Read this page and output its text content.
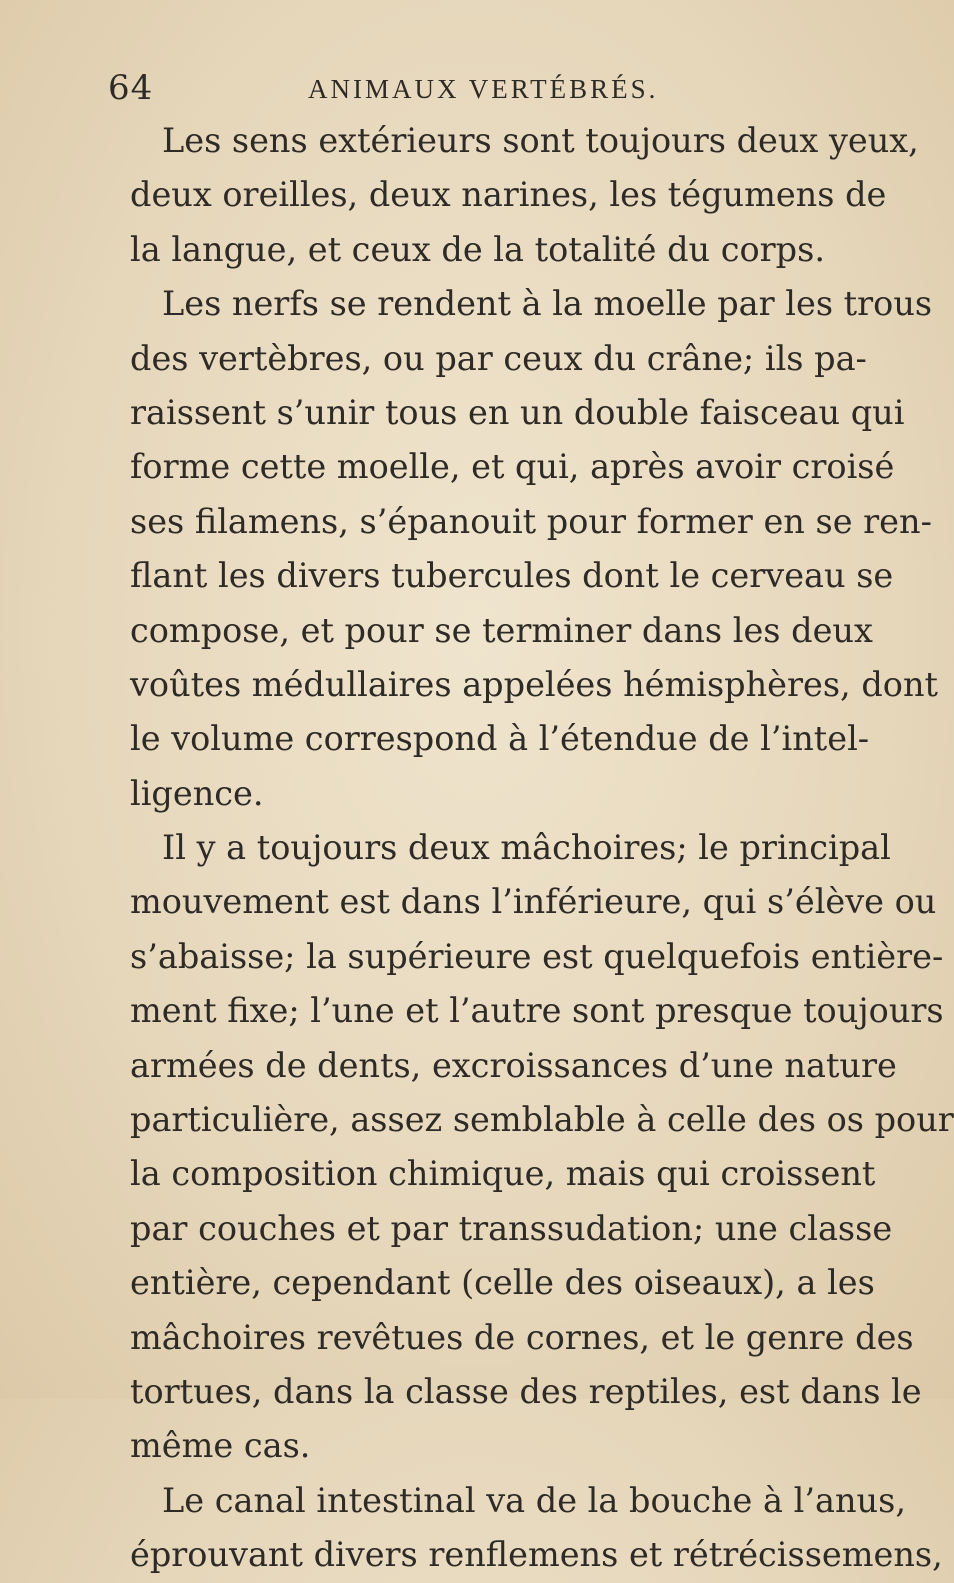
64	ANIMAUX VERTÉBRÉS.
Les sens extérieurs sont toujours deux yeux,
deux oreilles, deux narines, les tégumens de
la langue, et ceux de la totalité du corps.
Les nerfs se rendent à la moelle par les trous
des vertèbres, ou par ceux du crâne; ils pa-
raissent s’unir tous en un double faisceau qui
forme cette moelle, et qui, après avoir croisé
ses filamens, s’épanouit pour former en se ren-
flant les divers tubercules dont le cerveau se
compose, et pour se terminer dans les deux
voûtes médullaires appelées hémisphères, dont
le volume correspond à l’étendue de l’intel-
ligence.
Il y a toujours deux mâchoires; le principal
mouvement est dans l’inférieure, qui s’élève ou
s’abaisse; la supérieure est quelquefois entière-
ment fixe; l’une et l’autre sont presque toujours
armées de dents, excroissances d’une nature
particulière, assez semblable à celle des os pour
la composition chimique, mais qui croissent
par couches et par transsudation; une classe
entière, cependant (celle des oiseaux), a les
mâchoires revêtues de cornes, et le genre des
tortues, dans la classe des reptiles, est dans le
même cas.
Le canal intestinal va de la bouche à l’anus,
éprouvant divers renflemens et rétrécissemens,
